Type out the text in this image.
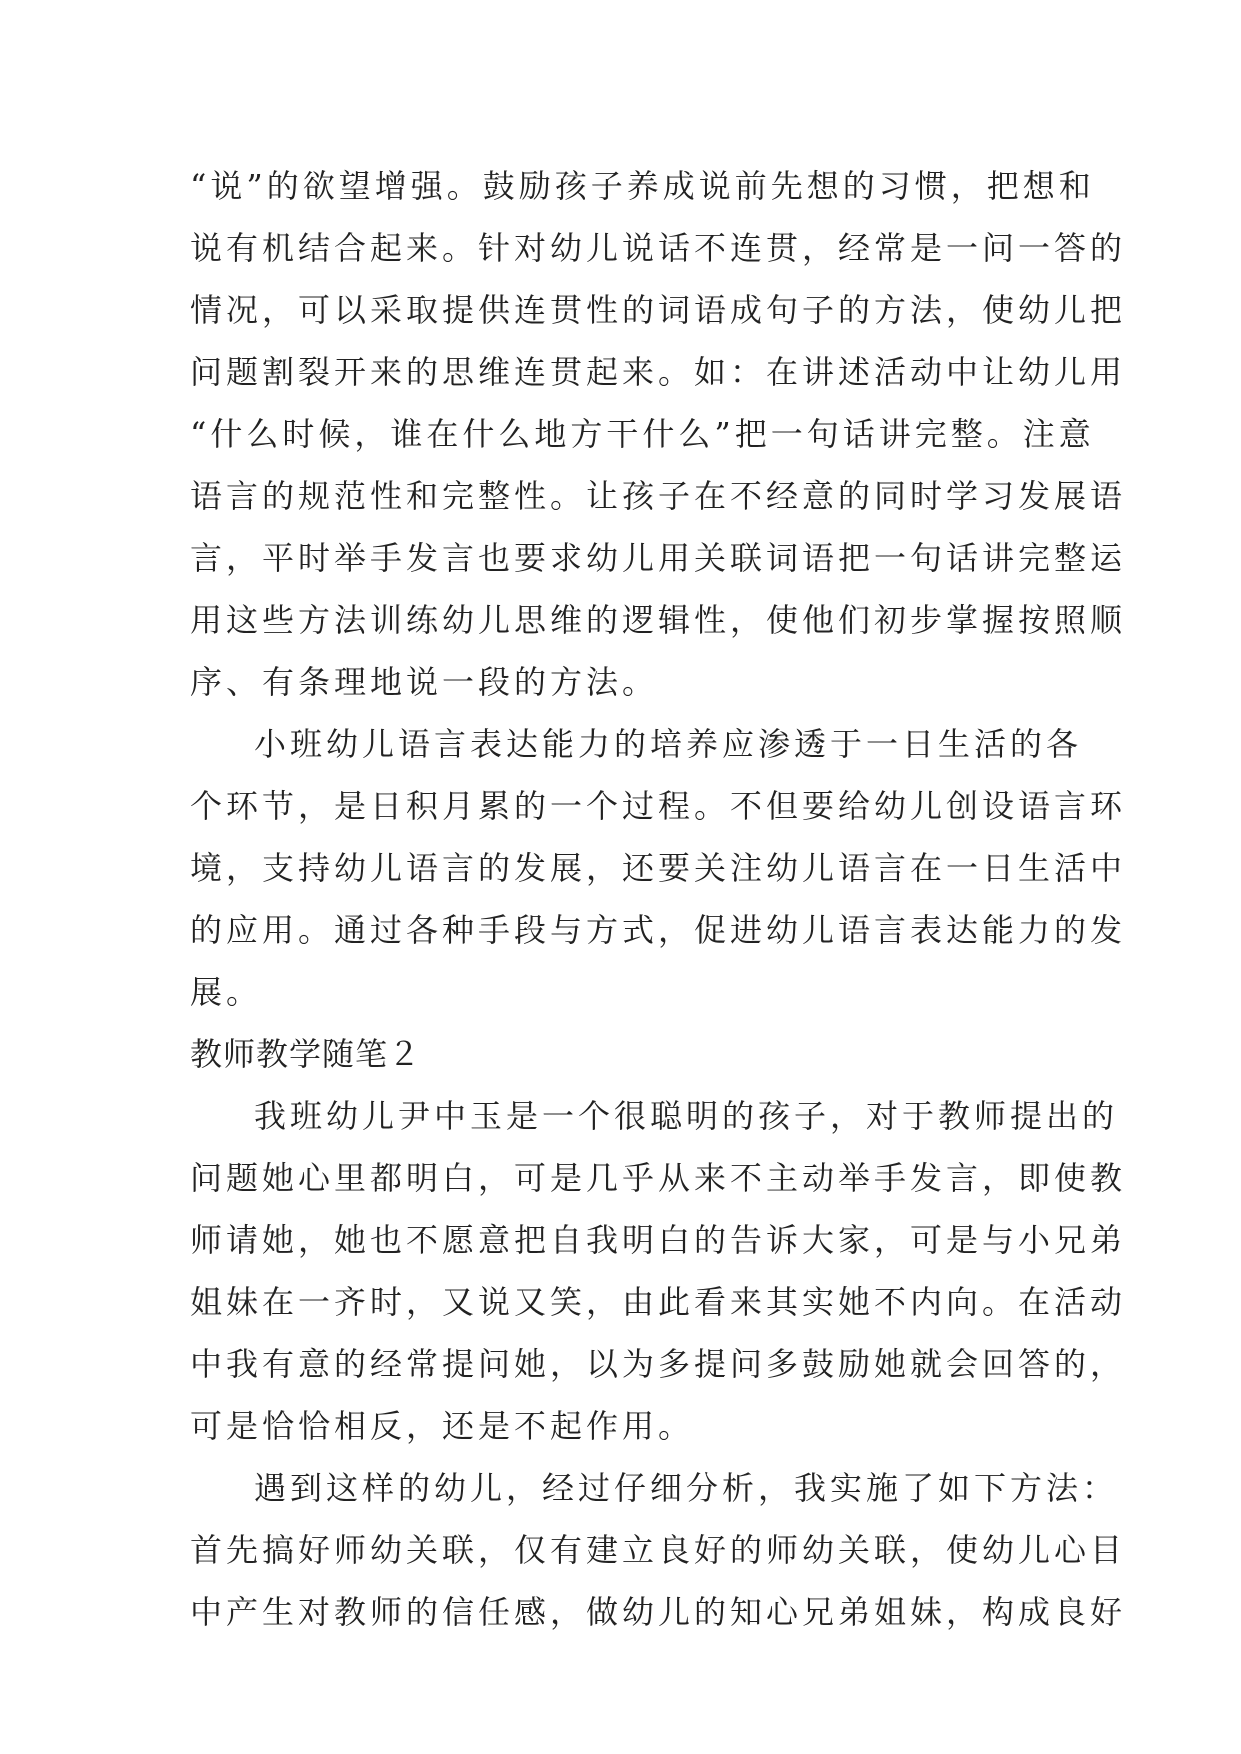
“说”的欲望增强。鼓励孩子养成说前先想的习惯，把想和
说有机结合起来。针对幼儿说话不连贯，经常是一问一答的
情况，可以采取提供连贯性的词语成句子的方法，使幼儿把
问题割裂开来的思维连贯起来。如：在讲述活动中让幼儿用
“什么时候，谁在什么地方干什么”把一句话讲完整。注意
语言的规范性和完整性。让孩子在不经意的同时学习发展语
言，平时举手发言也要求幼儿用关联词语把一句话讲完整运
用这些方法训练幼儿思维的逻辑性，使他们初步掌握按照顺
序、有条理地说一段的方法。
小班幼儿语言表达能力的培养应渗透于一日生活的各
个环节，是日积月累的一个过程。不但要给幼儿创设语言环
境，支持幼儿语言的发展，还要关注幼儿语言在一日生活中
的应用。通过各种手段与方式，促进幼儿语言表达能力的发
展。
教师教学随笔２
我班幼儿尹中玉是一个很聪明的孩子，对于教师提出的
问题她心里都明白，可是几乎从来不主动举手发言，即使教
师请她，她也不愿意把自我明白的告诉大家，可是与小兄弟
姐妹在一齐时，又说又笑，由此看来其实她不内向。在活动
中我有意的经常提问她，以为多提问多鼓励她就会回答的，
可是恰恰相反，还是不起作用。
遇到这样的幼儿，经过仔细分析，我实施了如下方法：
首先搞好师幼关联，仅有建立良好的师幼关联，使幼儿心目
中产生对教师的信任感，做幼儿的知心兄弟姐妹，构成良好
